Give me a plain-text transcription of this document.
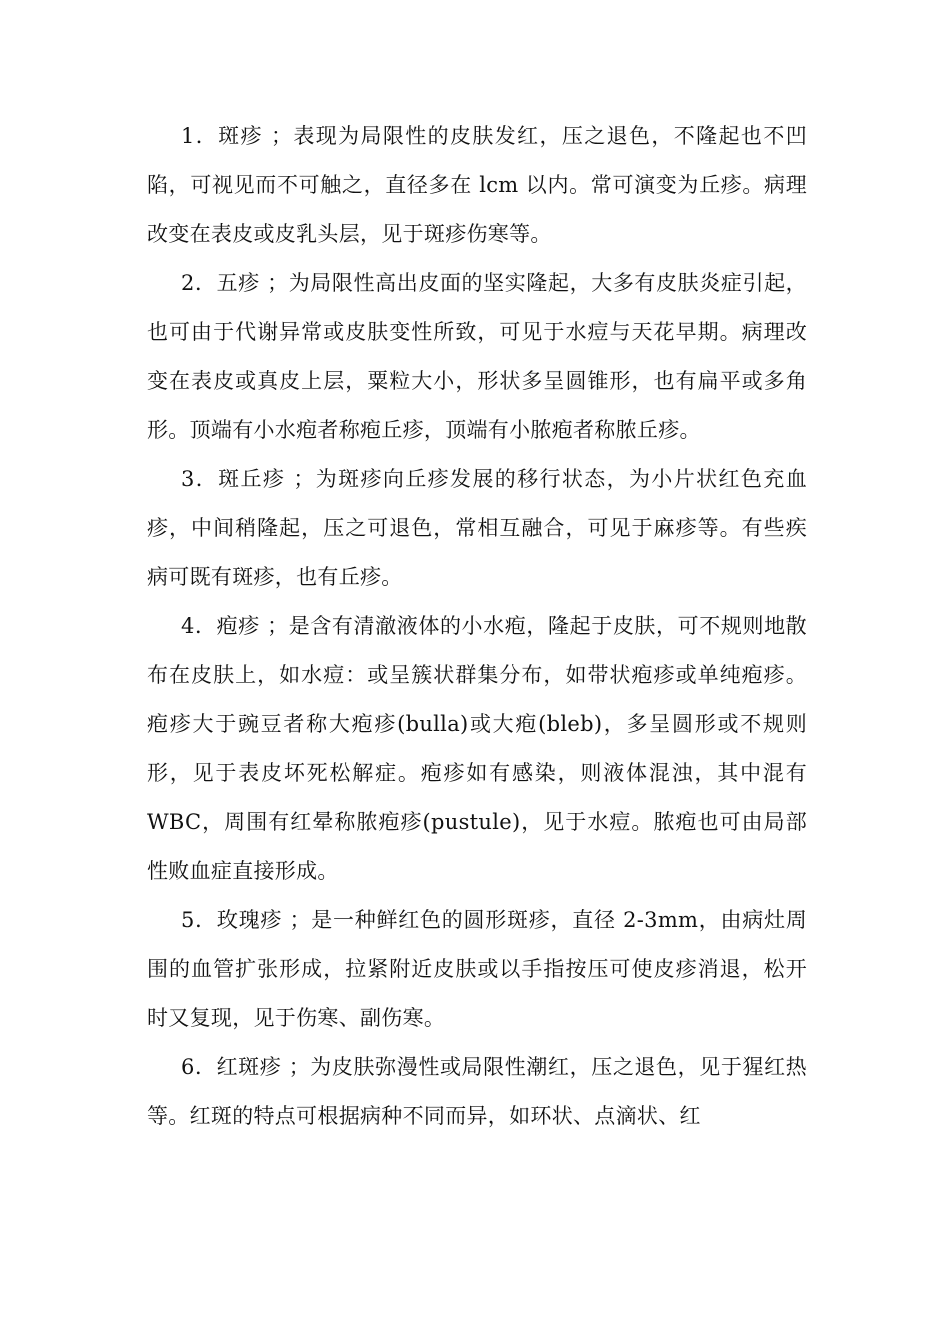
1．斑疹 ；表现为局限性的皮肤发红，压之退色，不隆起也不凹陷，可视见而不可触之，直径多在 lcm 以内。常可演变为丘疹。病理改变在表皮或皮乳头层，见于斑疹伤寒等。

2．五疹 ；为局限性高出皮面的坚实隆起，大多有皮肤炎症引起，也可由于代谢异常或皮肤变性所致，可见于水痘与天花早期。病理改变在表皮或真皮上层，粟粒大小，形状多呈圆锥形，也有扁平或多角形。顶端有小水疱者称疱丘疹，顶端有小脓疱者称脓丘疹。

3．斑丘疹 ；为斑疹向丘疹发展的移行状态，为小片状红色充血疹，中间稍隆起，压之可退色，常相互融合，可见于麻疹等。有些疾病可既有斑疹，也有丘疹。

4．疱疹 ；是含有清澈液体的小水疱，隆起于皮肤，可不规则地散布在皮肤上，如水痘：或呈簇状群集分布，如带状疱疹或单纯疱疹。疱疹大于豌豆者称大疱疹(bulla)或大疱(bleb)，多呈圆形或不规则形，见于表皮坏死松解症。疱疹如有感染，则液体混浊，其中混有 WBC，周围有红晕称脓疱疹(pustule)，见于水痘。脓疱也可由局部性败血症直接形成。

5．玫瑰疹 ；是一种鲜红色的圆形斑疹，直径 2-3mm，由病灶周围的血管扩张形成，拉紧附近皮肤或以手指按压可使皮疹消退，松开时又复现，见于伤寒、副伤寒。

6．红斑疹 ；为皮肤弥漫性或局限性潮红，压之退色，见于猩红热等。红斑的特点可根据病种不同而异，如环状、点滴状、红
